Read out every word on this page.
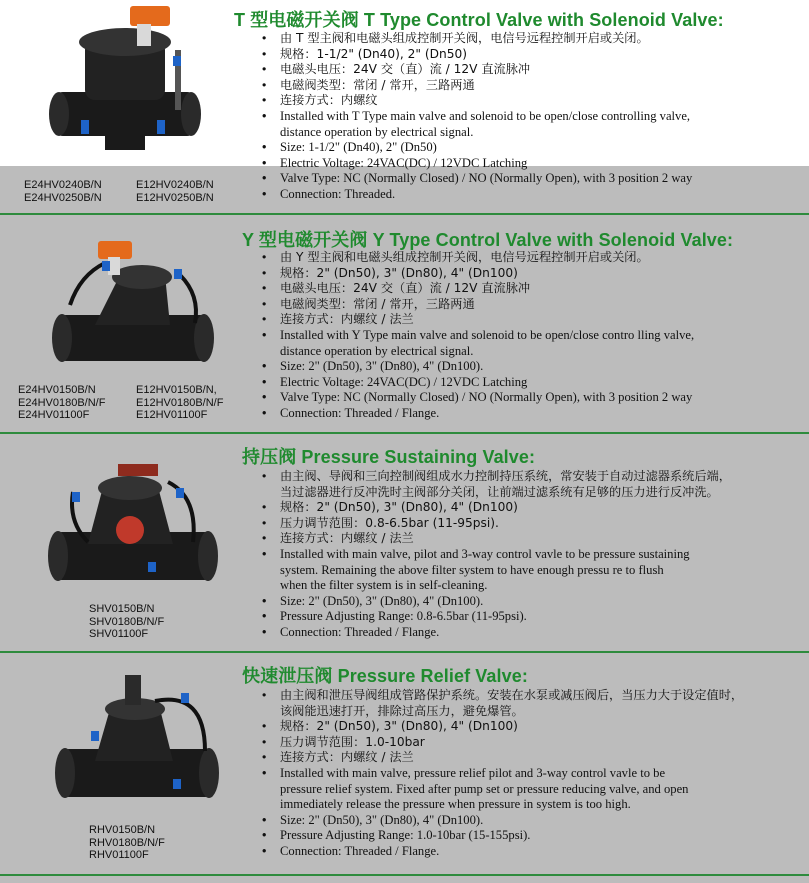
E24HV0240B/N
E24HV0250B/N
E12HV0240B/N
E12HV0250B/N
T 型电磁开关阀 T Type Control Valve with Solenoid Valve:
• 由 T 型主阀和电磁头组成控制开关阀，电信号远程控制开启或关闭。
• 规格：1-1/2" (Dn40), 2" (Dn50)
• 电磁头电压：24V 交（直）流 / 12V 直流脉冲
• 电磁阀类型：常闭 / 常开，三路两通
• 连接方式：内螺纹
• Installed with T Type main valve and solenoid to be open/close controlling valve,
distance operation by electrical signal.
• Size: 1-1/2" (Dn40), 2" (Dn50)
• Electric Voltage: 24VAC(DC) / 12VDC Latching
• Valve Type: NC (Normally Closed) / NO (Normally Open), with 3 position 2 way
• Connection: Threaded.
E24HV0150B/N
E24HV0180B/N/F
E24HV01100F
E12HV0150B/N,
E12HV0180B/N/F
E12HV01100F
Y 型电磁开关阀 Y Type Control Valve with Solenoid Valve:
• 由 Y 型主阀和电磁头组成控制开关阀，电信号远程控制开启或关闭。
• 规格：2" (Dn50), 3" (Dn80), 4" (Dn100)
• 电磁头电压：24V 交（直）流 / 12V 直流脉冲
• 电磁阀类型：常闭 / 常开，三路两通
• 连接方式：内螺纹 / 法兰
• Installed with Y Type main valve and solenoid to be open/close contro lling valve,
distance operation by electrical signal.
• Size: 2" (Dn50), 3" (Dn80), 4" (Dn100).
• Electric Voltage: 24VAC(DC) / 12VDC Latching
• Valve Type: NC (Normally Closed) / NO (Normally Open), with 3 position 2 way
• Connection: Threaded / Flange.
SHV0150B/N
SHV0180B/N/F
SHV01100F
持压阀 Pressure Sustaining Valve:
• 由主阀、导阀和三向控制阀组成水力控制持压系统，常安装于自动过滤器系统后端，
当过滤器进行反冲洗时主阀部分关闭，让前端过滤系统有足够的压力进行反冲洗。
• 规格：2" (Dn50), 3" (Dn80), 4" (Dn100)
• 压力调节范围：0.8-6.5bar (11-95psi).
• 连接方式：内螺纹 / 法兰
• Installed with main valve, pilot and 3-way control vavle to be pressure sustaining
system. Remaining the above filter system to have enough pressu re to flush
when the filter system is in self-cleaning.
• Size: 2" (Dn50), 3" (Dn80), 4" (Dn100).
• Pressure Adjusting Range: 0.8-6.5bar (11-95psi).
• Connection: Threaded / Flange.
RHV0150B/N
RHV0180B/N/F
RHV01100F
快速泄压阀 Pressure Relief Valve:
• 由主阀和泄压导阀组成管路保护系统。安装在水泵或减压阀后，当压力大于设定值时，
该阀能迅速打开，排除过高压力，避免爆管。
• 规格：2" (Dn50), 3" (Dn80), 4" (Dn100)
• 压力调节范围：1.0-10bar
• 连接方式：内螺纹 / 法兰
• Installed with main valve, pressure relief pilot and 3-way control vavle to be
pressure relief system. Fixed after pump set or pressure reducing valve, and open
immediately release the pressure when pressure in system is too high.
• Size: 2" (Dn50), 3" (Dn80), 4" (Dn100).
• Pressure Adjusting Range: 1.0-10bar (15-155psi).
• Connection: Threaded / Flange.
